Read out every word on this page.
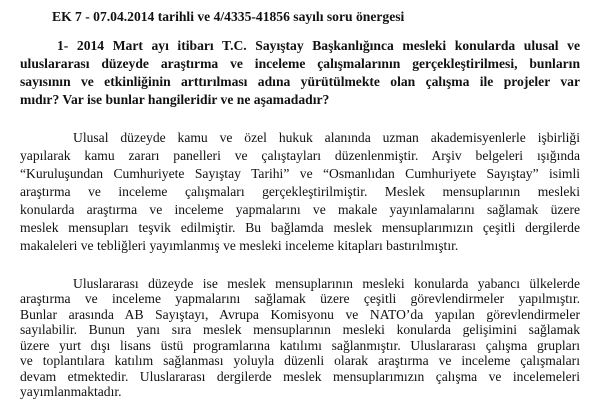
EK 7 - 07.04.2014 tarihli ve 4/4335-41856 sayılı soru önergesi
1- 2014 Mart ayı itibarı T.C. Sayıştay Başkanlığınca mesleki konularda ulusal ve
uluslararası düzeyde araştırma ve inceleme çalışmalarının gerçekleştirilmesi, bunların
sayısının ve etkinliğinin arttırılması adına yürütülmekte olan çalışma ile projeler var
mıdır? Var ise bunlar hangileridir ve ne aşamadadır?
Ulusal düzeyde kamu ve özel hukuk alanında uzman akademisyenlerle işbirliği
yapılarak kamu zararı panelleri ve çalıştayları düzenlenmiştir. Arşiv belgeleri ışığında
“Kuruluşundan Cumhuriyete Sayıştay Tarihi” ve “Osmanlıdan Cumhuriyete Sayıştay” isimli
araştırma ve inceleme çalışmaları gerçekleştirilmiştir. Meslek mensuplarının mesleki
konularda araştırma ve inceleme yapmalarını ve makale yayınlamalarını sağlamak üzere
meslek mensupları teşvik edilmiştir. Bu bağlamda meslek mensuplarımızın çeşitli dergilerde
makaleleri ve tebliğleri yayımlanmış ve mesleki inceleme kitapları bastırılmıştır.
Uluslararası düzeyde ise meslek mensuplarının mesleki konularda yabancı ülkelerde
araştırma ve inceleme yapmalarını sağlamak üzere çeşitli görevlendirmeler yapılmıştır.
Bunlar arasında AB Sayıştayı, Avrupa Komisyonu ve NATO’da yapılan görevlendirmeler
sayılabilir. Bunun yanı sıra meslek mensuplarının mesleki konularda gelişimini sağlamak
üzere yurt dışı lisans üstü programlarına katılımı sağlanmıştır. Uluslararası çalışma grupları
ve toplantılara katılım sağlanması yoluyla düzenli olarak araştırma ve inceleme çalışmaları
devam etmektedir. Uluslararası dergilerde meslek mensuplarımızın çalışma ve incelemeleri
yayımlanmaktadır.
